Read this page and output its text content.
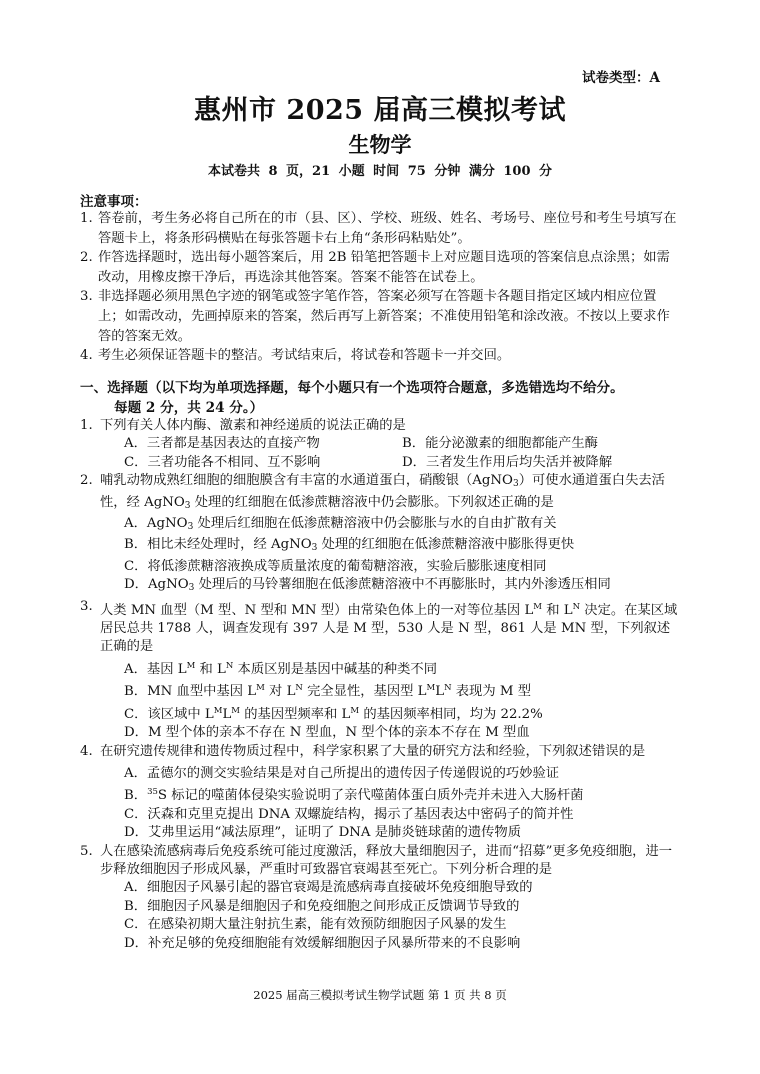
试卷类型：A
惠州市 2025 届高三模拟考试
生物学
本试卷共 8 页，21 小题 时间 75 分钟 满分 100 分
注意事项：
1. 答卷前，考生务必将自己所在的市（县、区）、学校、班级、姓名、考场号、座位号和考生号填写在答题卡上，将条形码横贴在每张答题卡右上角“条形码粘贴处”。
2. 作答选择题时，选出每小题答案后，用 2B 铅笔把答题卡上对应题目选项的答案信息点涂黑；如需改动，用橡皮擦干净后，再选涂其他答案。答案不能答在试卷上。
3. 非选择题必须用黑色字迹的钢笔或签字笔作答，答案必须写在答题卡各题目指定区域内相应位置上；如需改动，先画掉原来的答案，然后再写上新答案；不准使用铅笔和涂改液。不按以上要求作答的答案无效。
4. 考生必须保证答题卡的整洁。考试结束后，将试卷和答题卡一并交回。
一、选择题（以下均为单项选择题，每个小题只有一个选项符合题意，多选错选均不给分。
每题 2 分，共 24 分。）
1. 下列有关人体内酶、激素和神经递质的说法正确的是
A．三者都是基因表达的直接产物	B．能分泌激素的细胞都能产生酶
C．三者功能各不相同、互不影响	D．三者发生作用后均失活并被降解
2. 哺乳动物成熟红细胞的细胞膜含有丰富的水通道蛋白，硝酸银（AgNO$_3$）可使水通道蛋白失去活性，经 AgNO$_3$ 处理的红细胞在低渗蔗糖溶液中仍会膨胀。下列叙述正确的是
A．AgNO$_3$ 处理后红细胞在低渗蔗糖溶液中仍会膨胀与水的自由扩散有关
B．相比未经处理时，经 AgNO$_3$ 处理的红细胞在低渗蔗糖溶液中膨胀得更快
C．将低渗蔗糖溶液换成等质量浓度的葡萄糖溶液，实验后膨胀速度相同
D．AgNO$_3$ 处理后的马铃薯细胞在低渗蔗糖溶液中不再膨胀时，其内外渗透压相同
3. 人类 MN 血型（M 型、N 型和 MN 型）由常染色体上的一对等位基因 $L^M$ 和 $L^N$ 决定。在某区域居民总共 1788 人，调查发现有 397 人是 M 型，530 人是 N 型，861 人是 MN 型，下列叙述正确的是
A．基因 $L^M$ 和 $L^N$ 本质区别是基因中碱基的种类不同
B．MN 血型中基因 $L^M$ 对 $L^N$ 完全显性，基因型 $L^ML^N$ 表现为 M 型
C．该区域中 $L^ML^M$ 的基因型频率和 $L^M$ 的基因频率相同，均为 22.2%
D．M 型个体的亲本不存在 N 型血，N 型个体的亲本不存在 M 型血
4. 在研究遗传规律和遗传物质过程中，科学家积累了大量的研究方法和经验，下列叙述错误的是
A．孟德尔的测交实验结果是对自己所提出的遗传因子传递假说的巧妙验证
B．$^{35}$S 标记的噬菌体侵染实验说明了亲代噬菌体蛋白质外壳并未进入大肠杆菌
C．沃森和克里克提出 DNA 双螺旋结构，揭示了基因表达中密码子的简并性
D．艾弗里运用“减法原理”，证明了 DNA 是肺炎链球菌的遗传物质
5. 人在感染流感病毒后免疫系统可能过度激活，释放大量细胞因子，进而“招募”更多免疫细胞，进一步释放细胞因子形成风暴，严重时可致器官衰竭甚至死亡。下列分析合理的是
A．细胞因子风暴引起的器官衰竭是流感病毒直接破坏免疫细胞导致的
B．细胞因子风暴是细胞因子和免疫细胞之间形成正反馈调节导致的
C．在感染初期大量注射抗生素，能有效预防细胞因子风暴的发生
D．补充足够的免疫细胞能有效缓解细胞因子风暴所带来的不良影响
2025 届高三模拟考试生物学试题 第 1 页 共 8 页
